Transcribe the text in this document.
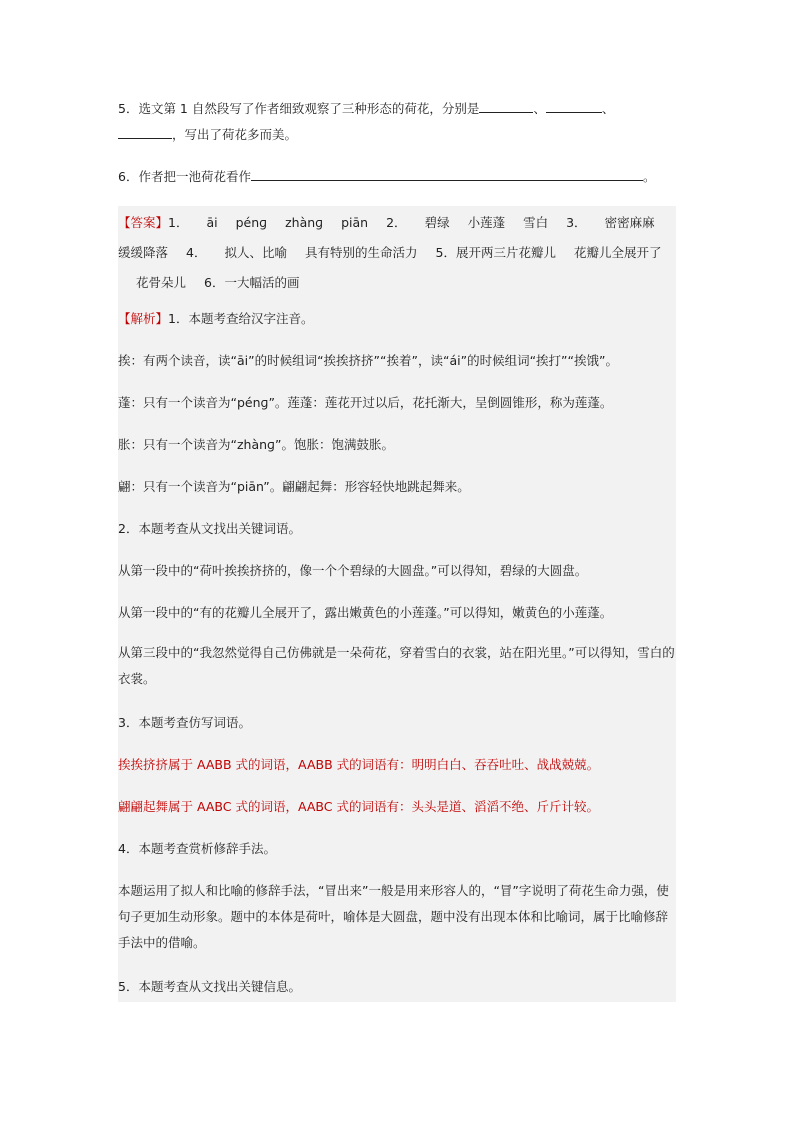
5．选文第 1 自然段写了作者细致观察了三种形态的荷花，分别是	、	、
，写出了荷花多而美。
6．作者把一池荷花看作	。
【答案】1． āi pénɡ zhànɡ piān 2． 碧绿 小莲蓬 雪白 3． 密密麻麻缓缓降落 4． 拟人、比喻 具有特别的生命活力 5．展开两三片花瓣儿 花瓣儿全展开了花骨朵儿 6．一大幅活的画

【解析】1．本题考查给汉字注音。

挨：有两个读音，读“āi”的时候组词“挨挨挤挤”“挨着”，读“ái”的时候组词“挨打”“挨饿”。

蓬：只有一个读音为“pénɡ”。莲蓬：莲花开过以后，花托渐大，呈倒圆锥形，称为莲蓬。

胀：只有一个读音为“zhànɡ”。饱胀：饱满鼓胀。

翩：只有一个读音为“piān”。翩翩起舞：形容轻快地跳起舞来。

2．本题考查从文找出关键词语。

从第一段中的“荷叶挨挨挤挤的，像一个个碧绿的大圆盘。”可以得知，碧绿的大圆盘。

从第一段中的“有的花瓣儿全展开了，露出嫩黄色的小莲蓬。”可以得知，嫩黄色的小莲蓬。

从第三段中的“我忽然觉得自己仿佛就是一朵荷花，穿着雪白的衣裳，站在阳光里。”可以得知，雪白的衣裳。

3．本题考查仿写词语。

挨挨挤挤属于 AABB 式的词语，AABB 式的词语有：明明白白、吞吞吐吐、战战兢兢。

翩翩起舞属于 AABC 式的词语，AABC 式的词语有：头头是道、滔滔不绝、斤斤计较。

4．本题考查赏析修辞手法。

本题运用了拟人和比喻的修辞手法，“冒出来”一般是用来形容人的，“冒”字说明了荷花生命力强，使句子更加生动形象。题中的本体是荷叶，喻体是大圆盘，题中没有出现本体和比喻词，属于比喻修辞手法中的借喻。

5．本题考查从文找出关键信息。
